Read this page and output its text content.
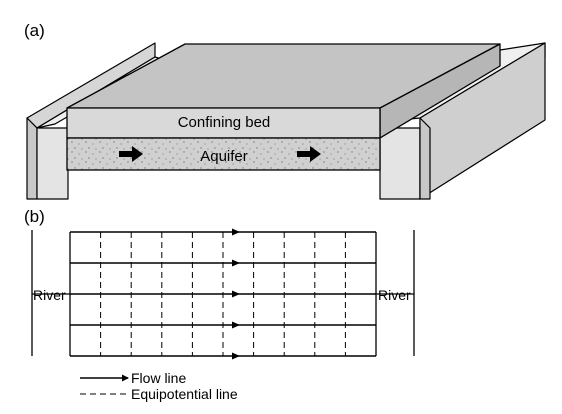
(a)
Confining bed
Aquifer
(b)
River	River
Flow line
Equipotential line
